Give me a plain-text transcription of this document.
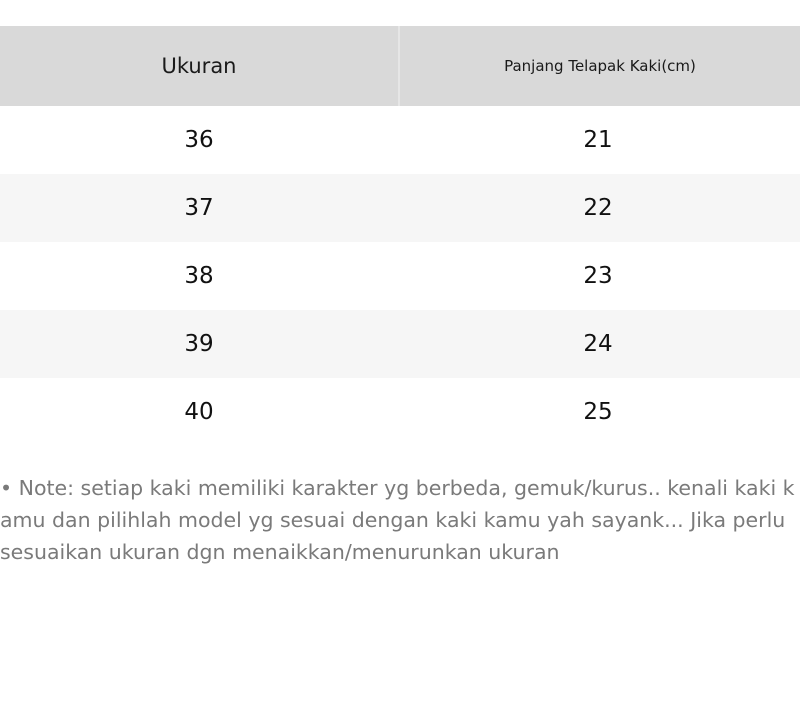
Ukuran	Panjang Telapak Kaki(cm)
36	21
37	22
38	23
39	24
40	25

• Note: setiap kaki memiliki karakter yg berbeda, gemuk/kurus.. kenali kaki kamu dan pilihlah model yg sesuai dengan kaki kamu yah sayank... Jika perlu sesuaikan ukuran dgn menaikkan/menurunkan ukuran
